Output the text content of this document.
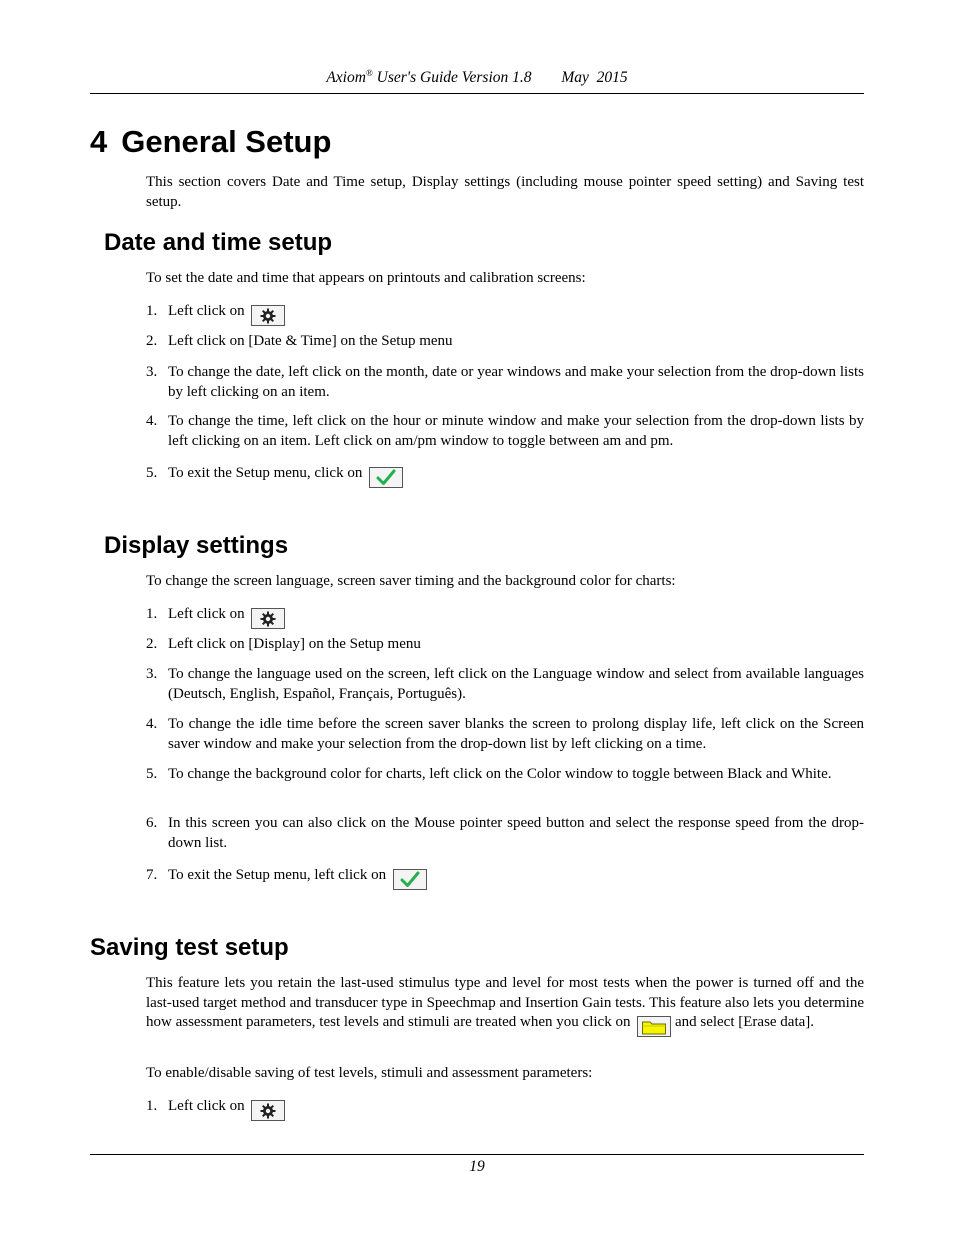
Axiom® User's Guide Version 1.8 May  2015
4 General Setup

This section covers Date and Time setup, Display settings (including mouse pointer speed setting) and Saving test setup.

Date and time setup

To set the date and time that appears on printouts and calibration screens:

1. Left click on
2. Left click on [Date & Time] on the Setup menu
3. To change the date, left click on the month, date or year windows and make your selection from the drop-down lists by left clicking on an item.
4. To change the time, left click on the hour or minute window and make your selection from the drop-down lists by left clicking on an item. Left click on am/pm window to toggle between am and pm.
5. To exit the Setup menu, click on
Display settings

To change the screen language, screen saver timing and the background color for charts:

1. Left click on
2. Left click on [Display] on the Setup menu
3. To change the language used on the screen, left click on the Language window and select from available languages (Deutsch, English, Español, Français, Português).
4. To change the idle time before the screen saver blanks the screen to prolong display life, left click on the Screen saver window and make your selection from the drop-down list by left clicking on a time.
5. To change the background color for charts, left click on the Color window to toggle between Black and White.
6. In this screen you can also click on the Mouse pointer speed button and select the response speed from the drop-down list.
7. To exit the Setup menu, left click on
Saving test setup

This feature lets you retain the last-used stimulus type and level for most tests when the power is turned off and the last-used target method and transducer type in Speechmap and Insertion Gain tests. This feature also lets you determine how assessment parameters, test levels and stimuli are treated when you click on	and select [Erase data].

To enable/disable saving of test levels, stimuli and assessment parameters:

1. Left click on
19
